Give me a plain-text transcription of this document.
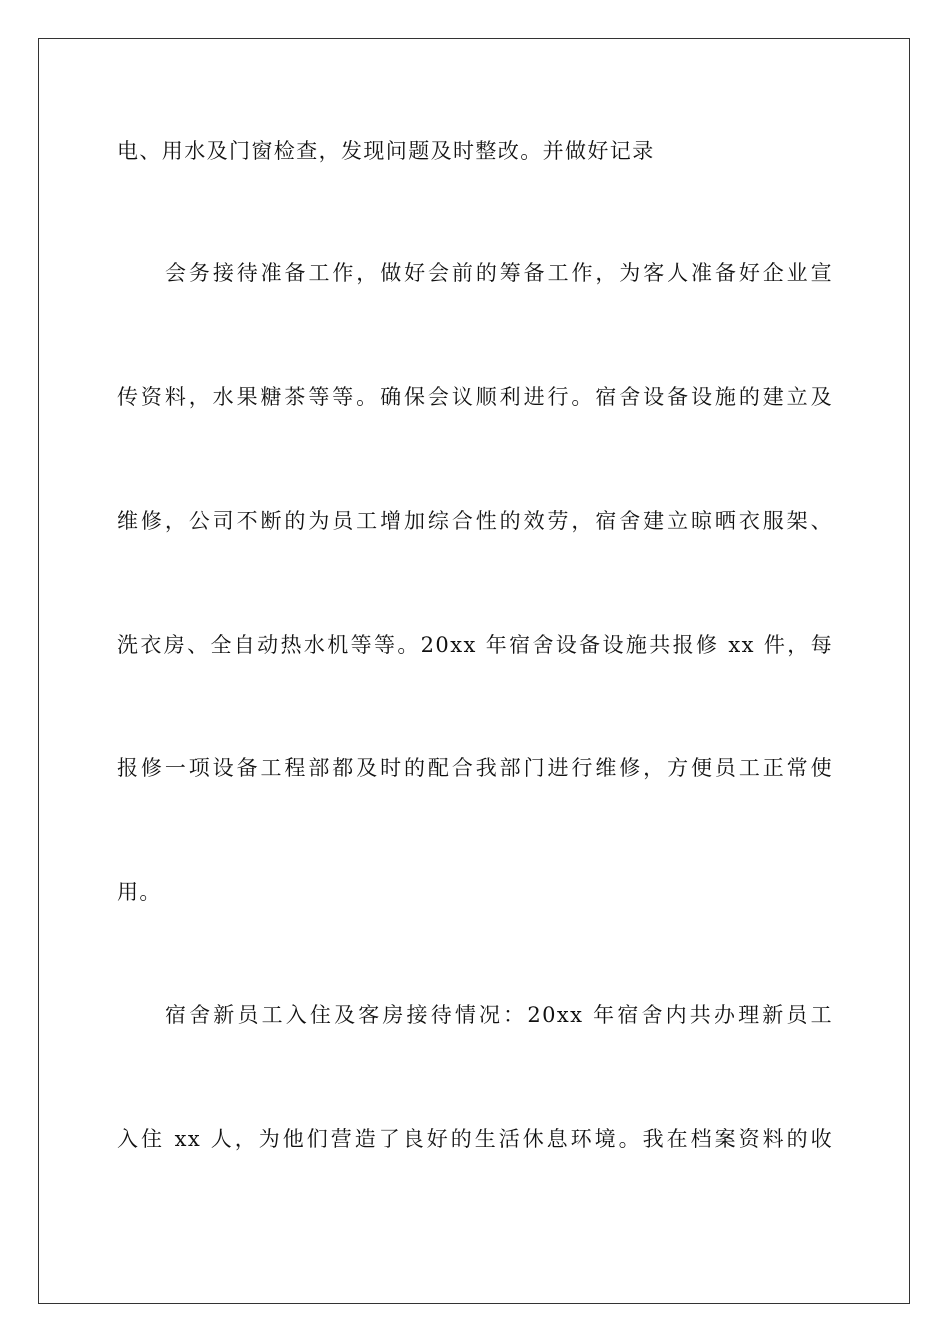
电、用水及门窗检查，发现问题及时整改。并做好记录
会务接待准备工作，做好会前的筹备工作，为客人准备好企业宣
传资料，水果糖茶等等。确保会议顺利进行。宿舍设备设施的建立及
维修，公司不断的为员工增加综合性的效劳，宿舍建立晾晒衣服架、
洗衣房、全自动热水机等等。20xx 年宿舍设备设施共报修 xx 件，每
报修一项设备工程部都及时的配合我部门进行维修，方便员工正常使
用。
宿舍新员工入住及客房接待情况：20xx 年宿舍内共办理新员工
入住 xx 人，为他们营造了良好的生活休息环境。我在档案资料的收
